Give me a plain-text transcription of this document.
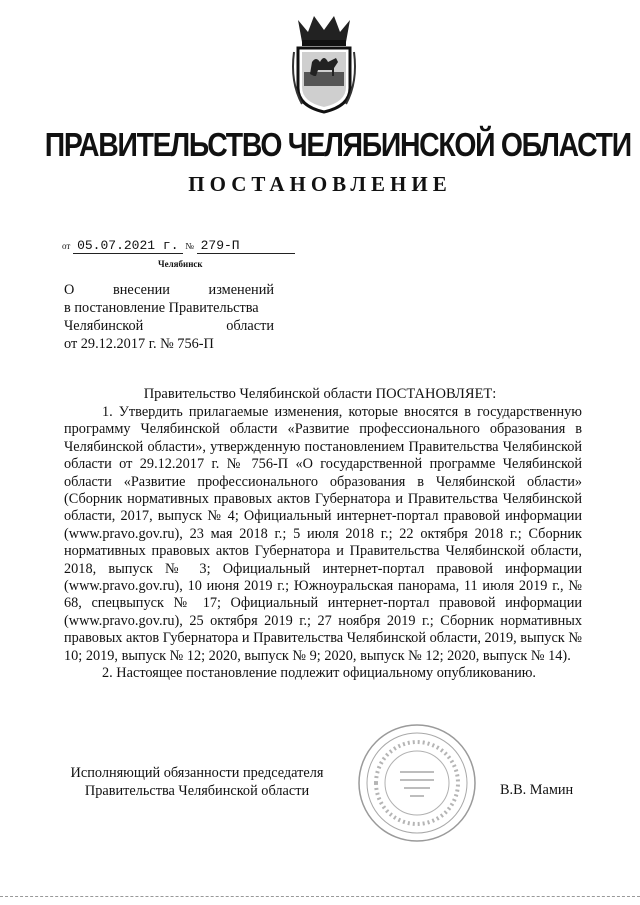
ПРАВИТЕЛЬСТВО ЧЕЛЯБИНСКОЙ ОБЛАСТИ
ПОСТАНОВЛЕНИЕ
от 05.07.2021 г. № 279-П
Челябинск
О внесении изменений
в постановление Правительства
Челябинской области
от 29.12.2017 г. № 756-П
Правительство Челябинской области ПОСТАНОВЛЯЕТ:

1. Утвердить прилагаемые изменения, которые вносятся в государственную программу Челябинской области «Развитие профессионального образования в Челябинской области», утвержденную постановлением Правительства Челябинской области от 29.12.2017 г. № 756-П «О государственной программе Челябинской области «Развитие профессионального образования в Челябинской области» (Сборник нормативных правовых актов Губернатора и Правительства Челябинской области, 2017, выпуск № 4; Официальный интернет-портал правовой информации (www.pravo.gov.ru), 23 мая 2018 г.; 5 июля 2018 г.; 22 октября 2018 г.; Сборник нормативных правовых актов Губернатора и Правительства Челябинской области, 2018, выпуск № 3; Официальный интернет-портал правовой информации (www.pravo.gov.ru), 10 июня 2019 г.; Южноуральская панорама, 11 июля 2019 г., № 68, спецвыпуск № 17; Официальный интернет-портал правовой информации (www.pravo.gov.ru), 25 октября 2019 г.; 27 ноября 2019 г.; Сборник нормативных правовых актов Губернатора и Правительства Челябинской области, 2019, выпуск № 10; 2019, выпуск № 12; 2020, выпуск № 9; 2020, выпуск № 12; 2020, выпуск № 14).

2. Настоящее постановление подлежит официальному опубликованию.

Исполняющий обязанности председателя
Правительства Челябинской области	В.В. Мамин
